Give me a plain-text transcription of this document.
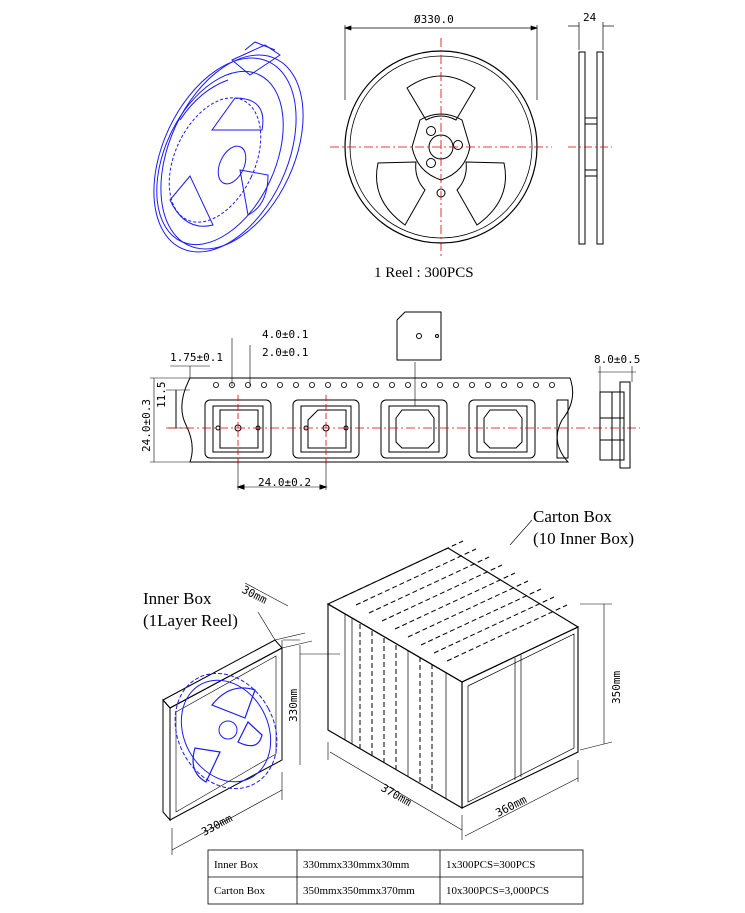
Ø330.0	24
1 Reel : 300PCS
1.75±0.1
4.0±0.1
2.0±0.1
11.5
24.0±0.3
24.0±0.2
8.0±0.5
Carton Box
(10 Inner Box)
Inner Box
(1Layer Reel)
30mm
330mm
330mm
370mm	360mm
350mm
Inner Box	330mmx330mmx30mm	1x300PCS=300PCS
Carton Box	350mmx350mmx370mm	10x300PCS=3,000PCS
